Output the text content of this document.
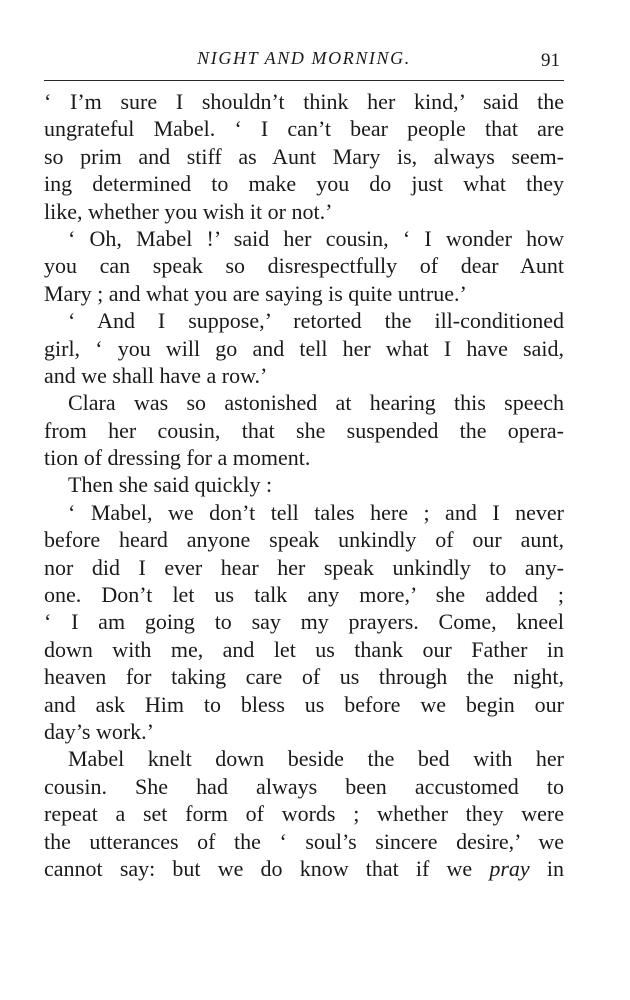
NIGHT AND MORNING.	91
‘ I’m sure I shouldn’t think her kind,’ said the
ungrateful Mabel. ‘ I can’t bear people that are
so prim and stiff as Aunt Mary is, always seem-
ing determined to make you do just what they
like, whether you wish it or not.’
‘ Oh, Mabel !’ said her cousin, ‘ I wonder how
you can speak so disrespectfully of dear Aunt
Mary ; and what you are saying is quite untrue.’
‘ And I suppose,’ retorted the ill-conditioned
girl, ‘ you will go and tell her what I have said,
and we shall have a row.’
Clara was so astonished at hearing this speech
from her cousin, that she suspended the opera-
tion of dressing for a moment.
Then she said quickly :
‘ Mabel, we don’t tell tales here ; and I never
before heard anyone speak unkindly of our aunt,
nor did I ever hear her speak unkindly to any-
one. Don’t let us talk any more,’ she added ;
‘ I am going to say my prayers. Come, kneel
down with me, and let us thank our Father in
heaven for taking care of us through the night,
and ask Him to bless us before we begin our
day’s work.’
Mabel knelt down beside the bed with her
cousin. She had always been accustomed to
repeat a set form of words ; whether they were
the utterances of the ‘ soul’s sincere desire,’ we
cannot say: but we do know that if we pray in
